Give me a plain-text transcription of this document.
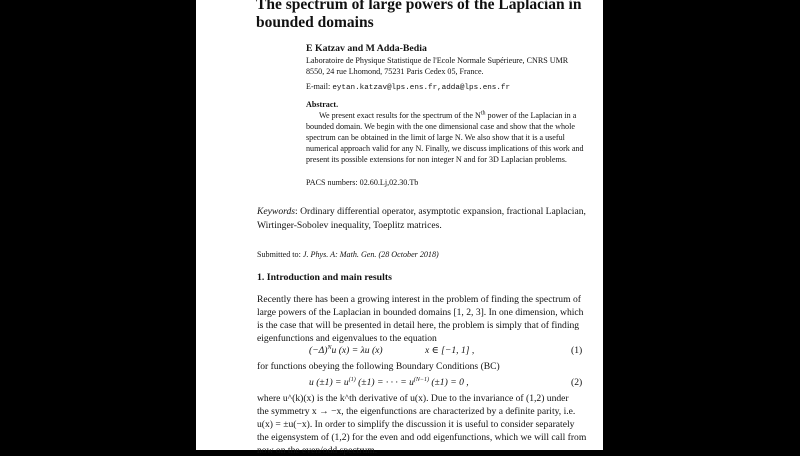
The spectrum of large powers of the Laplacian in
bounded domains
E Katzav and M Adda-Bedia
Laboratoire de Physique Statistique de l'Ecole Normale Supérieure, CNRS UMR
8550, 24 rue Lhomond, 75231 Paris Cedex 05, France.
E-mail: eytan.katzav@lps.ens.fr,adda@lps.ens.fr
Abstract.
We present exact results for the spectrum of the $N^{th}$ power of the Laplacian in a
bounded domain. We begin with the one dimensional case and show that the whole
spectrum can be obtained in the limit of large N. We also show that it is a useful
numerical approach valid for any N. Finally, we discuss implications of this work and
present its possible extensions for non integer N and for 3D Laplacian problems.
PACS numbers: 02.60.Lj,02.30.Tb
Keywords: Ordinary differential operator, asymptotic expansion, fractional Laplacian,
Wirtinger-Sobolev inequality, Toeplitz matrices.
Submitted to: J. Phys. A: Math. Gen. (28 October 2018)
1. Introduction and main results
Recently there has been a growing interest in the problem of finding the spectrum of
large powers of the Laplacian in bounded domains [1, 2, 3]. In one dimension, which
is the case that will be presented in detail here, the problem is simply that of finding
eigenfunctions and eigenvalues to the equation
$(-\Delta)^Nu$ (x) = λu (x)	x ∈ [−1, 1] ,	(1)
for functions obeying the following Boundary Conditions (BC)
u $(\pm 1) = u^{(1)}$ (±1) = · · · = $u^{(N-1)}$ (±1) = 0 ,	(2)
where u^(k)(x) is the k^th derivative of u(x). Due to the invariance of (1,2) under
the symmetry x → −x, the eigenfunctions are characterized by a definite parity, i.e.
u(x) = ±u(−x). In order to simplify the discussion it is useful to consider separately
the eigensystem of (1,2) for the even and odd eigenfunctions, which we will call from
now on the even/odd spectrum.
